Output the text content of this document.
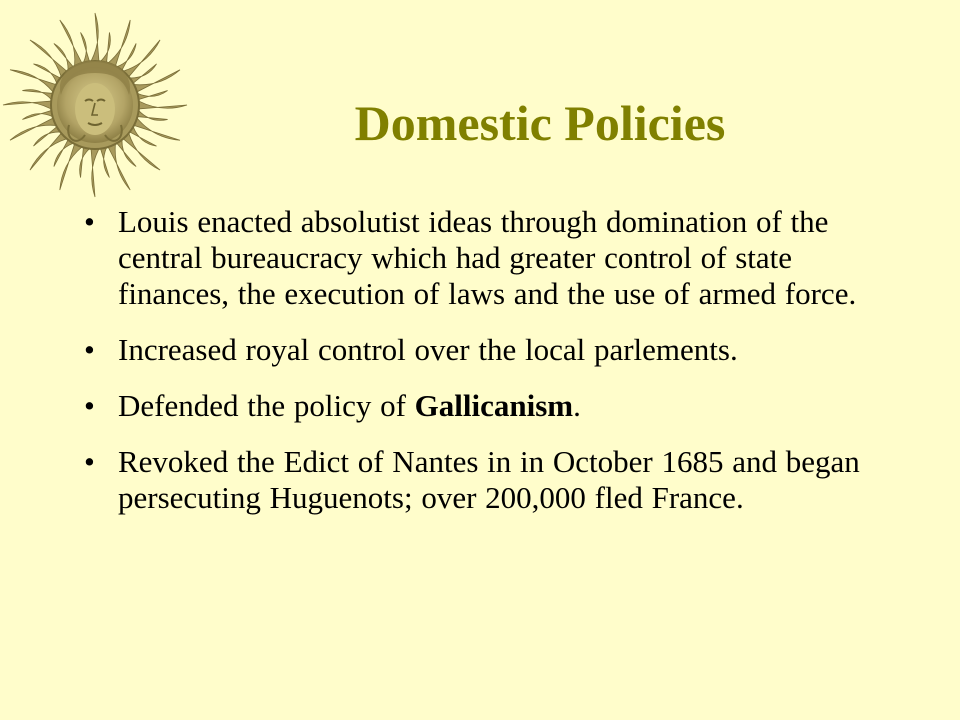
Domestic Policies
• Louis enacted absolutist ideas through domination of the central bureaucracy which had greater control of state finances, the execution of laws and the use of armed force.
• Increased royal control over the local parlements.
• Defended the policy of Gallicanism.
• Revoked the Edict of Nantes in in October 1685 and began persecuting Huguenots; over 200,000 fled France.
